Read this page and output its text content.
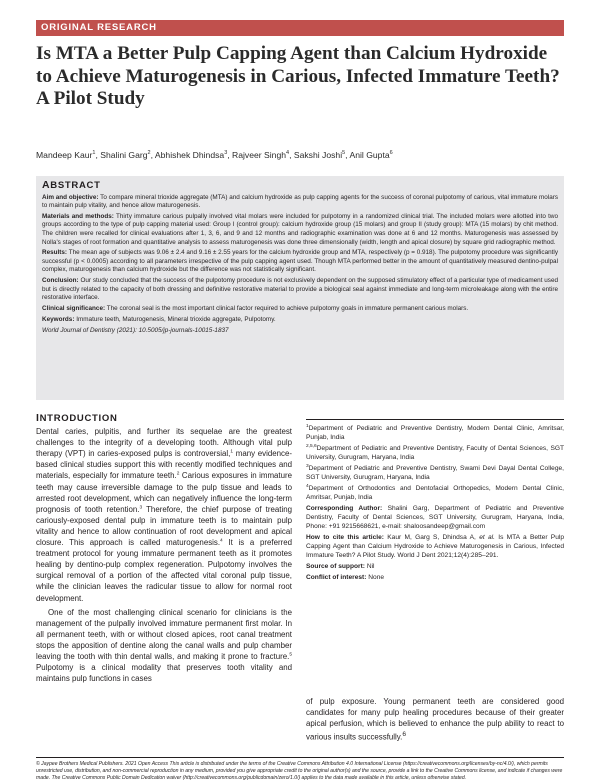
ORIGINAL RESEARCH
Is MTA a Better Pulp Capping Agent than Calcium Hydroxide to Achieve Maturogenesis in Carious, Infected Immature Teeth? A Pilot Study
Mandeep Kaur$^1$, Shalini Garg$^2$, Abhishek Dhindsa$^3$, Rajveer Singh$^4$, Sakshi Joshi$^5$, Anil Gupta$^6$
ABSTRACT

Aim and objective: To compare mineral trioxide aggregate (MTA) and calcium hydroxide as pulp capping agents for the success of coronal pulpotomy of carious, vital immature molars to maintain pulp vitality, and hence allow maturogenesis.

Materials and methods: Thirty immature carious pulpally involved vital molars were included for pulpotomy in a randomized clinical trial. The included molars were allotted into two groups according to the type of pulp capping material used: Group I (control group): calcium hydroxide group (15 molars) and group II (study group): MTA (15 molars) by chit method. The children were recalled for clinical evaluations after 1, 3, 6, and 9 and 12 months and radiographic examination was done at 6 and 12 months. Maturogenesis was assessed by Nolla's stages of root formation and quantitative analysis to assess maturogenesis was done three dimensionally (width, length and apical closure) by square grid radiographic method.

Results: The mean age of subjects was 9.06 ± 2.4 and 9.16 ± 2.55 years for the calcium hydroxide group and MTA, respectively (p = 0.918). The pulpotomy procedure was significantly successful (p < 0.0005) according to all parameters irrespective of the pulp capping agent used. Though MTA performed better in the amount of quantitatively measured dentino-pulpal complex, maturogenesis than calcium hydroxide but the difference was not statistically significant.

Conclusion: Our study concluded that the success of the pulpotomy procedure is not exclusively dependent on the supposed stimulatory effect of a particular type of medicament used but is directly related to the capacity of both dressing and definitive restorative material to provide a biological seal against immediate and long-term microleakage along with the entire restorative interface.

Clinical significance: The coronal seal is the most important clinical factor required to achieve pulpotomy goals in immature permanent carious molars.

Keywords: Immature teeth, Maturogenesis, Mineral trioxide aggregate, Pulpotomy.

World Journal of Dentistry (2021): 10.5005/jp-journals-10015-1837

INTRODUCTION

Dental caries, pulpitis, and further its sequelae are the greatest challenges to the integrity of a developing tooth. Although vital pulp therapy (VPT) in caries-exposed pulps is controversial,$^1$ many evidence-based clinical studies support this with recently modified techniques and materials, especially for immature teeth.$^2$ Carious exposures in immature teeth may cause irreversible damage to the pulp tissue and leads to arrested root development, which can negatively influence the long-term prognosis of tooth retention.$^3$ Therefore, the chief purpose of treating cariously-exposed dental pulp in immature teeth is to maintain pulp vitality and hence to allow continuation of root development and apical closure. This approach is called maturogenesis.$^4$ It is a preferred treatment protocol for young immature permanent teeth as it promotes healing by dentino-pulp complex regeneration. Pulpotomy involves the surgical removal of a portion of the affected vital coronal pulp tissue, while the clinician leaves the radicular tissue to allow for normal root development.

One of the most challenging clinical scenario for clinicians is the management of the pulpally involved immature permanent first molar. In all permanent teeth, with or without closed apices, root canal treatment stops the apposition of dentine along the canal walls and pulp chamber leaving the tooth with thin dental walls, and making it prone to fracture.$^5$ Pulpotomy is a clinical modality that preserves tooth vitality and maintains pulp functions in cases

$^1$Department of Pediatric and Preventive Dentistry, Modern Dental Clinic, Amritsar, Punjab, India

$^{2,5,6}$Department of Pediatric and Preventive Dentistry, Faculty of Dental Sciences, SGT University, Gurugram, Haryana, India

$^3$Department of Pediatric and Preventive Dentistry, Swami Devi Dayal Dental College, SGT University, Gurugram, Haryana, India

$^4$Department of Orthodontics and Dentofacial Orthopedics, Modern Dental Clinic, Amritsar, Punjab, India

Corresponding Author: Shalini Garg, Department of Pediatric and Preventive Dentistry, Faculty of Dental Sciences, SGT University, Gurugram, Haryana, India, Phone: +91 9215668621, e-mail: shaloosandeep@gmail.com

How to cite this article: Kaur M, Garg S, Dhindsa A, et al. Is MTA a Better Pulp Capping Agent than Calcium Hydroxide to Achieve Maturogenesis in Carious, Infected Immature Teeth? A Pilot Study. World J Dent 2021;12(4):285–291.

Source of support: Nil

Conflict of interest: None

of pulp exposure. Young permanent teeth are considered good candidates for many pulp healing procedures because of their greater apical perfusion, which is believed to enhance the pulp ability to react to various insults successfully.$^6$

© Jaypee Brothers Medical Publishers. 2021 Open Access This article is distributed under the terms of the Creative Commons Attribution 4.0 International License (https://creativecommons.org/licenses/by-nc/4.0/), which permits unrestricted use, distribution, and non-commercial reproduction in any medium, provided you give appropriate credit to the original author(s) and the source, provide a link to the Creative Commons license, and indicate if changes were made. The Creative Commons Public Domain Dedication waiver (http://creativecommons.org/publicdomain/zero/1.0/) applies to the data made available in this article, unless otherwise stated.
